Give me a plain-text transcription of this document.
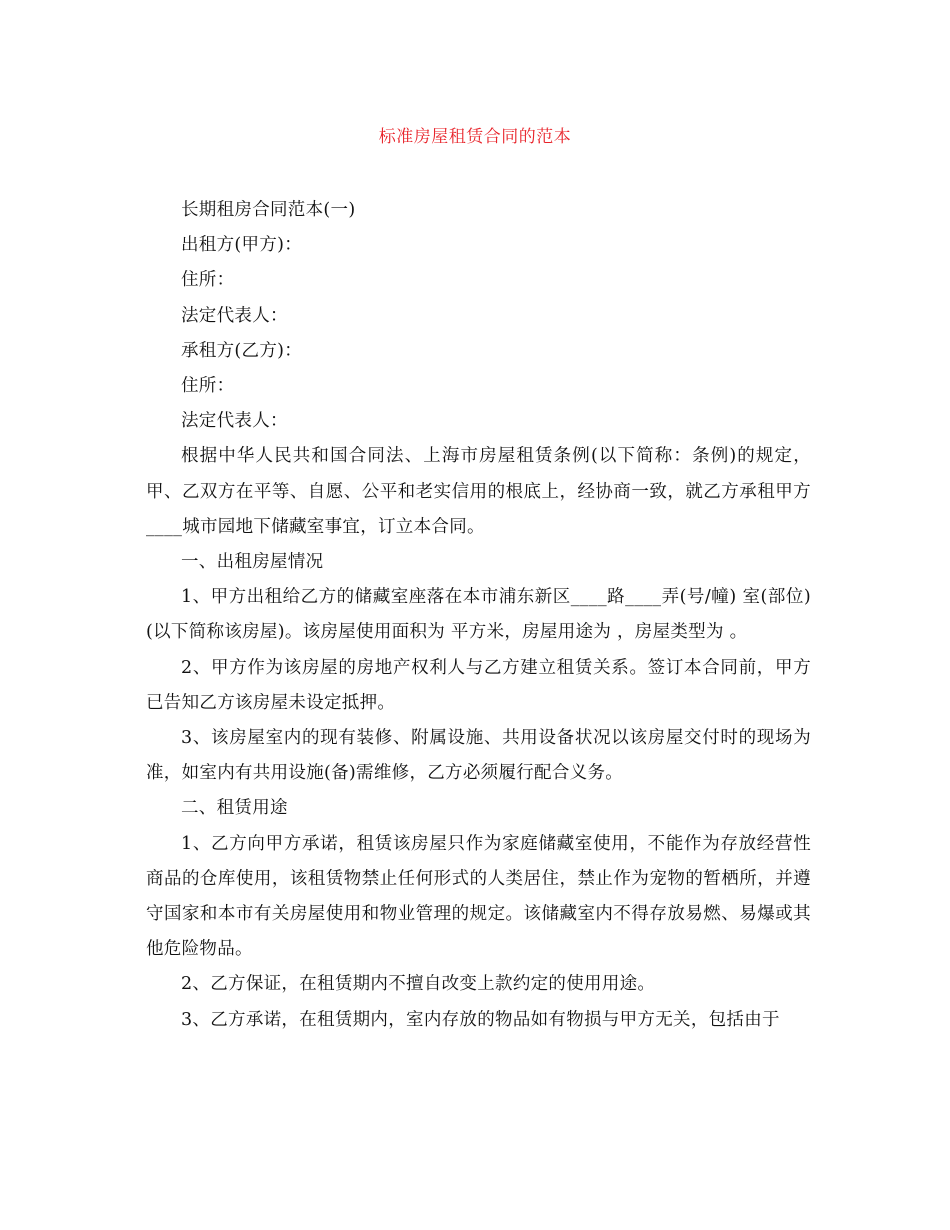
标准房屋租赁合同的范本

长期租房合同范本(一)

出租方(甲方)：

住所：

法定代表人：

承租方(乙方)：

住所：

法定代表人：

根据中华人民共和国合同法、上海市房屋租赁条例(以下简称：条例)的规定，甲、乙双方在平等、自愿、公平和老实信用的根底上，经协商一致，就乙方承租甲方____城市园地下储藏室事宜，订立本合同。

一、出租房屋情况

1、甲方出租给乙方的储藏室座落在本市浦东新区____路____弄(号/幢) 室(部位) (以下简称该房屋)。该房屋使用面积为 平方米，房屋用途为 ，房屋类型为 。

2、甲方作为该房屋的房地产权利人与乙方建立租赁关系。签订本合同前，甲方已告知乙方该房屋未设定抵押。

3、该房屋室内的现有装修、附属设施、共用设备状况以该房屋交付时的现场为准，如室内有共用设施(备)需维修，乙方必须履行配合义务。

二、租赁用途

1、乙方向甲方承诺，租赁该房屋只作为家庭储藏室使用，不能作为存放经营性商品的仓库使用，该租赁物禁止任何形式的人类居住，禁止作为宠物的暂栖所，并遵守国家和本市有关房屋使用和物业管理的规定。该储藏室内不得存放易燃、易爆或其他危险物品。

2、乙方保证，在租赁期内不擅自改变上款约定的使用用途。

3、乙方承诺，在租赁期内，室内存放的物品如有物损与甲方无关，包括由于
